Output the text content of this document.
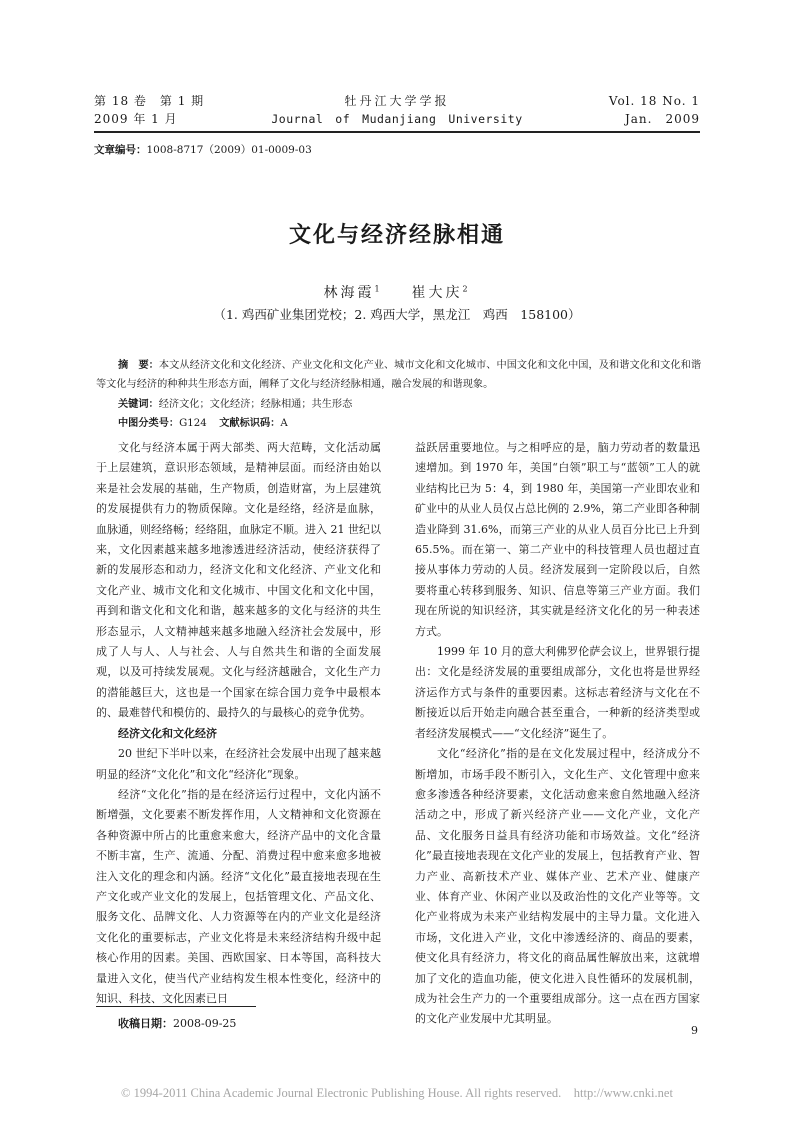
第 18 卷　第 1 期	牡丹江大学学报	Vol. 18 No. 1
2009 年 1 月	Journal　of　Mudanjiang　University	Jan.　2009
文章编号：1008-8717（2009）01-0009-03
文化与经济经脉相通
林海霞$^1$ 崔大庆$^2$
（1. 鸡西矿业集团党校；2. 鸡西大学，黑龙江　鸡西　158100）
摘　要：本文从经济文化和文化经济、产业文化和文化产业、城市文化和文化城市、中国文化和文化中国，及和谐文化和文化和谐等文化与经济的种种共生形态方面，阐释了文化与经济经脉相通，融合发展的和谐现象。
关键词：经济文化；文化经济；经脉相通；共生形态
中图分类号：G124 文献标识码：A

文化与经济本属于两大部类、两大范畴，文化活动属于上层建筑，意识形态领域，是精神层面。而经济由始以来是社会发展的基础，生产物质，创造财富，为上层建筑的发展提供有力的物质保障。文化是经络，经济是血脉，血脉通，则经络畅；经络阻，血脉定不顺。进入 21 世纪以来，文化因素越来越多地渗透进经济活动，使经济获得了新的发展形态和动力，经济文化和文化经济、产业文化和文化产业、城市文化和文化城市、中国文化和文化中国，再到和谐文化和文化和谐，越来越多的文化与经济的共生形态显示，人文精神越来越多地融入经济社会发展中，形成了人与人、人与社会、人与自然共生和谐的全面发展观，以及可持续发展观。文化与经济越融合，文化生产力的潜能越巨大，这也是一个国家在综合国力竞争中最根本的、最难替代和模仿的、最持久的与最核心的竞争优势。

经济文化和文化经济

20 世纪下半叶以来，在经济社会发展中出现了越来越明显的经济“文化化”和文化“经济化”现象。

经济“文化化”指的是在经济运行过程中，文化内涵不断增强，文化要素不断发挥作用，人文精神和文化资源在各种资源中所占的比重愈来愈大，经济产品中的文化含量不断丰富，生产、流通、分配、消费过程中愈来愈多地被注入文化的理念和内涵。经济“文化化”最直接地表现在生产文化或产业文化的发展上，包括管理文化、产品文化、服务文化、品牌文化、人力资源等在内的产业文化是经济文化化的重要标志，产业文化将是未来经济结构升级中起核心作用的因素。美国、西欧国家、日本等国，高科技大量进入文化，使当代产业结构发生根本性变化，经济中的知识、科技、文化因素已日

益跃居重要地位。与之相呼应的是，脑力劳动者的数量迅速增加。到 1970 年，美国“白领”职工与“蓝领”工人的就业结构比已为 5：4，到 1980 年，美国第一产业即农业和矿业中的从业人员仅占总比例的 2.9%，第二产业即各种制造业降到 31.6%，而第三产业的从业人员百分比已上升到 65.5%。而在第一、第二产业中的科技管理人员也超过直接从事体力劳动的人员。经济发展到一定阶段以后，自然要将重心转移到服务、知识、信息等第三产业方面。我们现在所说的知识经济，其实就是经济文化化的另一种表述方式。

1999 年 10 月的意大利佛罗伦萨会议上，世界银行提出：文化是经济发展的重要组成部分，文化也将是世界经济运作方式与条件的重要因素。这标志着经济与文化在不断接近以后开始走向融合甚至重合，一种新的经济类型或者经济发展模式——“文化经济”诞生了。

文化“经济化”指的是在文化发展过程中，经济成分不断增加，市场手段不断引入，文化生产、文化管理中愈来愈多渗透各种经济要素，文化活动愈来愈自然地融入经济活动之中，形成了新兴经济产业——文化产业，文化产品、文化服务日益具有经济功能和市场效益。文化“经济化”最直接地表现在文化产业的发展上，包括教育产业、智力产业、高新技术产业、媒体产业、艺术产业、健康产业、体育产业、休闲产业以及政治性的文化产业等等。文化产业将成为未来产业结构发展中的主导力量。文化进入市场，文化进入产业，文化中渗透经济的、商品的要素，使文化具有经济力，将文化的商品属性解放出来，这就增加了文化的造血功能，使文化进入良性循环的发展机制，成为社会生产力的一个重要组成部分。这一点在西方国家的文化产业发展中尤其明显。

收稿日期：2008-09-25
9
© 1994-2011 China Academic Journal Electronic Publishing House. All rights reserved.　http://www.cnki.net
